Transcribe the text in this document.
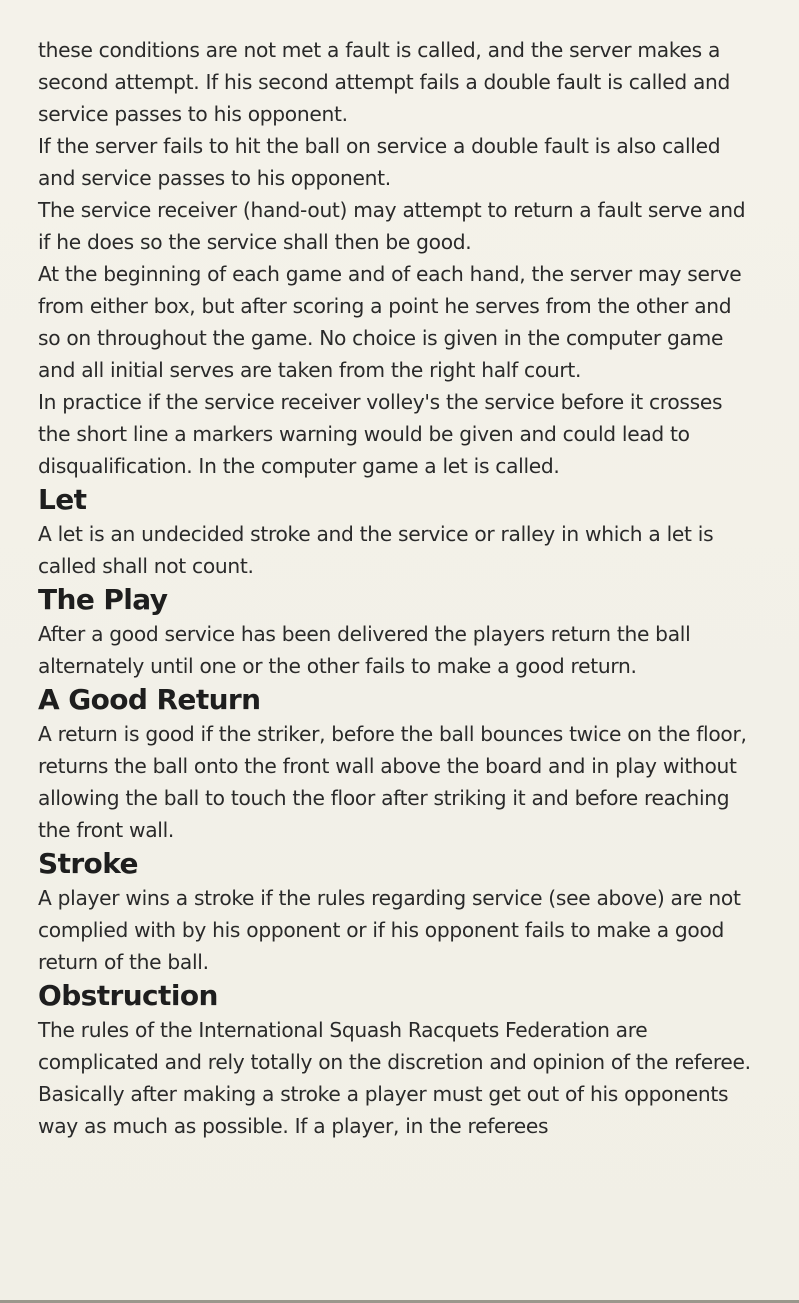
these conditions are not met a fault is called, and the server makes a second attempt. If his second attempt fails a double fault is called and service passes to his opponent.

If the server fails to hit the ball on service a double fault is also called and service passes to his opponent.

The service receiver (hand-out) may attempt to return a fault serve and if he does so the service shall then be good.

At the beginning of each game and of each hand, the server may serve from either box, but after scoring a point he serves from the other and so on throughout the game. No choice is given in the computer game and all initial serves are taken from the right half court.

In practice if the service receiver volley's the service before it crosses the short line a markers warning would be given and could lead to disqualification. In the computer game a let is called.

Let

A let is an undecided stroke and the service or ralley in which a let is called shall not count.

The Play

After a good service has been delivered the players return the ball alternately until one or the other fails to make a good return.

A Good Return

A return is good if the striker, before the ball bounces twice on the floor, returns the ball onto the front wall above the board and in play without allowing the ball to touch the floor after striking it and before reaching the front wall.

Stroke

A player wins a stroke if the rules regarding service (see above) are not complied with by his opponent or if his opponent fails to make a good return of the ball.

Obstruction

The rules of the International Squash Racquets Federation are complicated and rely totally on the discretion and opinion of the referee. Basically after making a stroke a player must get out of his opponents way as much as possible. If a player, in the referees
